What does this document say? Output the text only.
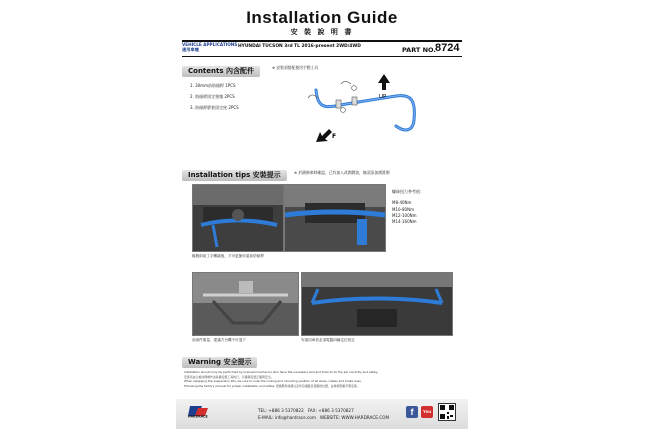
Installation Guide
安 裝 說 明 書
VEHICLE APPLICATIONS
適用車種
HYUNDAI TUCSON 3rd TL 2016-present 2WD/4WD	PART NO. 8724
Contents 內含配件	※ 安裝須搭配使用手動工具
1. 30mm前防傾桿 1PCS
2. 防傾桿固定墊塊 2PCS
3. 防傾桿膠套固定座 2PCS
UP
F
Installation tips 安裝提示	※ 於鎖修車時確認，已有加入改潤潤油，無須添加潤滑劑
螺絲扭力參考值：
M8-40Nm
M10-80Nm
M12-100Nm
M14-160Nm
鬆脫兩前工字螺絲後，才可更換安裝前防傾桿
前部件重量，建議方台機不可退下	安裝同車依必須電腦四輪定位校正
Warning 安全提示
Installation should only be performed by licensed mechanics who have the necessary skill and tools to do the job correctly and safely.
安裝需由合格技師操作並具備安裝工具執行，以確保安裝正確與安全。
When swapping the suspension kits, be sure to note the routing and mounting position of all wires, cables and brake lines.
Following the factory manual for proper installation and safety. 更換懸吊時請注意所有線路及管路的位置，並參照原廠手冊安裝。
HARDRACE
TEL: +886 3 5370822 FAX: +886 3 5370827
E-MAIL: info@hardrace.com WEBSITE: WWW.HARDRACE.COM
f	You
